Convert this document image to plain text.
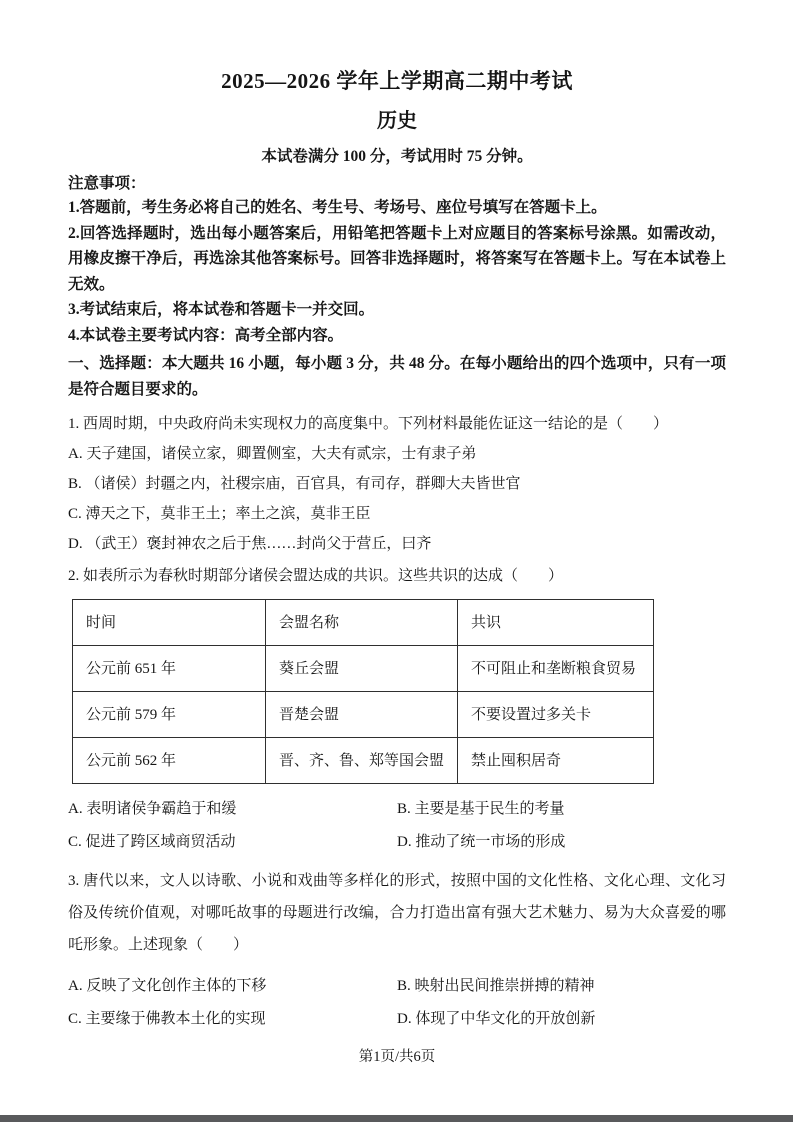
2025—2026 学年上学期高二期中考试
历史

本试卷满分 100 分，考试用时 75 分钟。

注意事项：

1.答题前，考生务必将自己的姓名、考生号、考场号、座位号填写在答题卡上。

2.回答选择题时，选出每小题答案后，用铅笔把答题卡上对应题目的答案标号涂黑。如需改动，用橡皮擦干净后，再选涂其他答案标号。回答非选择题时，将答案写在答题卡上。写在本试卷上无效。

3.考试结束后，将本试卷和答题卡一并交回。

4.本试卷主要考试内容：高考全部内容。

一、选择题：本大题共 16 小题，每小题 3 分，共 48 分。在每小题给出的四个选项中，只有一项是符合题目要求的。

1. 西周时期，中央政府尚未实现权力的高度集中。下列材料最能佐证这一结论的是（　　）

A. 天子建国，诸侯立家，卿置侧室，大夫有贰宗，士有隶子弟

B. （诸侯）封疆之内，社稷宗庙，百官具，有司存，群卿大夫皆世官

C. 溥天之下，莫非王土；率土之滨，莫非王臣

D. （武王）褒封神农之后于焦……封尚父于营丘，曰齐

2. 如表所示为春秋时期部分诸侯会盟达成的共识。这些共识的达成（　　）

时间	会盟名称	共识
公元前 651 年	葵丘会盟	不可阻止和垄断粮食贸易
公元前 579 年	晋楚会盟	不要设置过多关卡
公元前 562 年	晋、齐、鲁、郑等国会盟	禁止囤积居奇

A. 表明诸侯争霸趋于和缓	B. 主要是基于民生的考量

C. 促进了跨区域商贸活动	D. 推动了统一市场的形成

3. 唐代以来，文人以诗歌、小说和戏曲等多样化的形式，按照中国的文化性格、文化心理、文化习俗及传统价值观，对哪吒故事的母题进行改编，合力打造出富有强大艺术魅力、易为大众喜爱的哪吒形象。上述现象（　　）

A. 反映了文化创作主体的下移	B. 映射出民间推崇拼搏的精神

C. 主要缘于佛教本土化的实现	D. 体现了中华文化的开放创新

第1页/共6页
